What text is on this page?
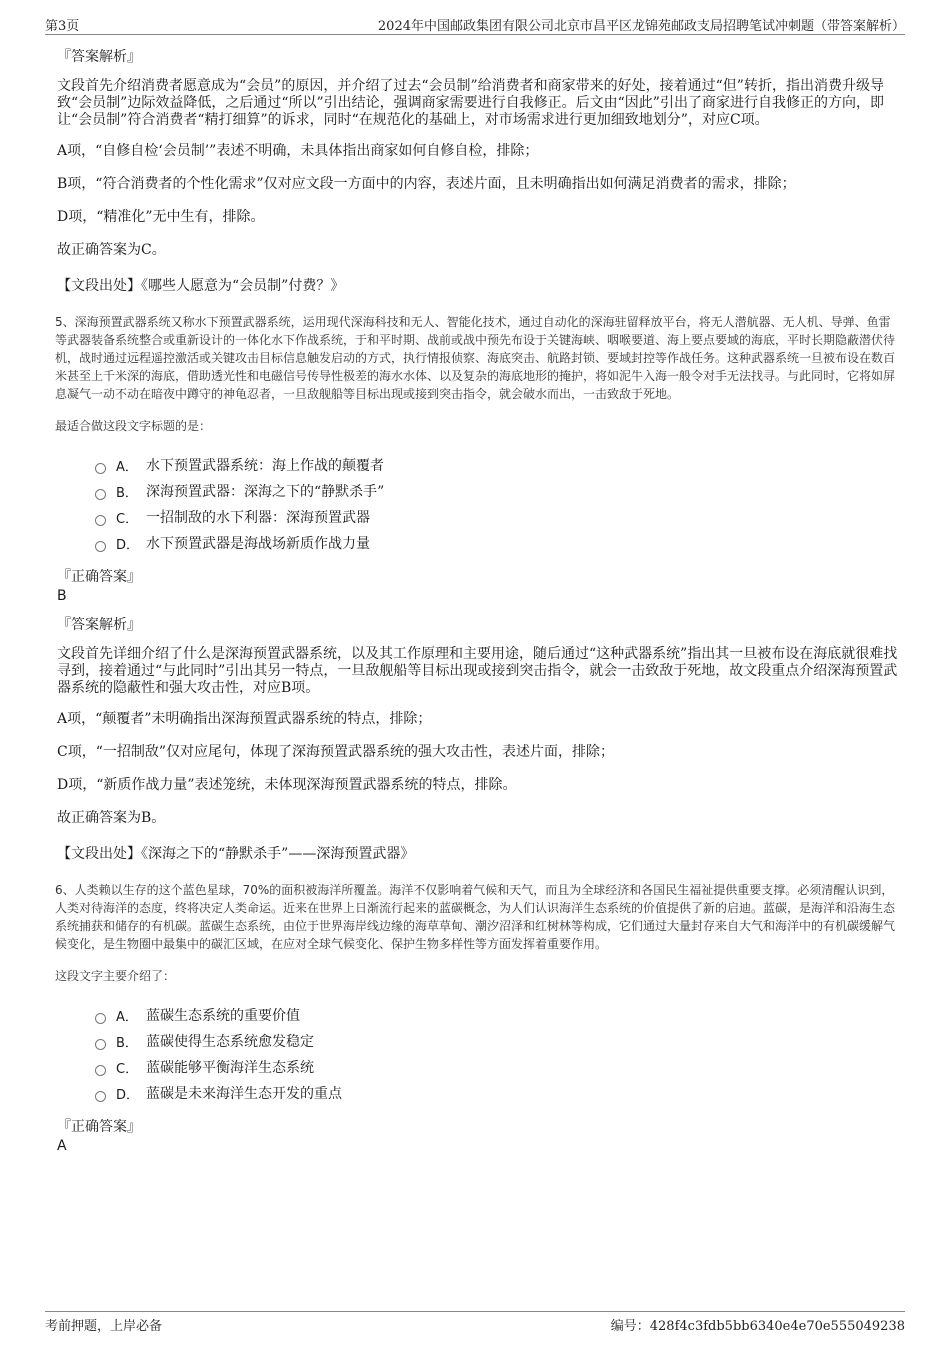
第3页	2024年中国邮政集团有限公司北京市昌平区龙锦苑邮政支局招聘笔试冲刺题（带答案解析）
『答案解析』
文段首先介绍消费者愿意成为“会员”的原因，并介绍了过去“会员制”给消费者和商家带来的好处，接着通过“但”转折，指出消费升级导致“会员制”边际效益降低，之后通过“所以”引出结论，强调商家需要进行自我修正。后文由“因此”引出了商家进行自我修正的方向，即让“会员制”符合消费者“精打细算”的诉求，同时“在规范化的基础上，对市场需求进行更加细致地划分”，对应C项。
A项，“自修自检‘会员制’”表述不明确，未具体指出商家如何自修自检，排除；
B项，“符合消费者的个性化需求”仅对应文段一方面中的内容，表述片面，且未明确指出如何满足消费者的需求，排除；
D项，“精准化”无中生有，排除。
故正确答案为C。
【文段出处】《哪些人愿意为“会员制”付费？》
5、深海预置武器系统又称水下预置武器系统，运用现代深海科技和无人、智能化技术，通过自动化的深海驻留释放平台，将无人潜航器、无人机、导弹、鱼雷等武器装备系统整合或重新设计的一体化水下作战系统，于和平时期、战前或战中预先布设于关键海峡、咽喉要道、海上要点要域的海底，平时长期隐蔽潜伏待机，战时通过远程遥控激活或关键攻击目标信息触发启动的方式，执行情报侦察、海底突击、航路封锁、要域封控等作战任务。这种武器系统一旦被布设在数百米甚至上千米深的海底，借助透光性和电磁信号传导性极差的海水水体、以及复杂的海底地形的掩护，将如泥牛入海一般令对手无法找寻。与此同时，它将如屏息凝气一动不动在暗夜中蹲守的神龟忍者，一旦敌舰船等目标出现或接到突击指令，就会破水而出，一击致敌于死地。
最适合做这段文字标题的是：
A． 水下预置武器系统：海上作战的颠覆者
B． 深海预置武器：深海之下的“静默杀手”
C． 一招制敌的水下利器：深海预置武器
D． 水下预置武器是海战场新质作战力量
『正确答案』
B
『答案解析』
文段首先详细介绍了什么是深海预置武器系统，以及其工作原理和主要用途，随后通过“这种武器系统”指出其一旦被布设在海底就很难找寻到，接着通过“与此同时”引出其另一特点，一旦敌舰船等目标出现或接到突击指令，就会一击致敌于死地，故文段重点介绍深海预置武器系统的隐蔽性和强大攻击性，对应B项。
A项，“颠覆者”未明确指出深海预置武器系统的特点，排除；
C项，“一招制敌”仅对应尾句，体现了深海预置武器系统的强大攻击性，表述片面，排除；
D项，“新质作战力量”表述笼统，未体现深海预置武器系统的特点，排除。
故正确答案为B。
【文段出处】《深海之下的“静默杀手”——深海预置武器》
6、人类赖以生存的这个蓝色星球，70%的面积被海洋所覆盖。海洋不仅影响着气候和天气，而且为全球经济和各国民生福祉提供重要支撑。必须清醒认识到，人类对待海洋的态度，终将决定人类命运。近来在世界上日渐流行起来的蓝碳概念，为人们认识海洋生态系统的价值提供了新的启迪。蓝碳，是海洋和沿海生态系统捕获和储存的有机碳。蓝碳生态系统，由位于世界海岸线边缘的海草草甸、潮汐沼泽和红树林等构成，它们通过大量封存来自大气和海洋中的有机碳缓解气候变化，是生物圈中最集中的碳汇区域，在应对全球气候变化、保护生物多样性等方面发挥着重要作用。
这段文字主要介绍了：
A． 蓝碳生态系统的重要价值
B． 蓝碳使得生态系统愈发稳定
C． 蓝碳能够平衡海洋生态系统
D． 蓝碳是未来海洋生态开发的重点
『正确答案』
A
考前押题，上岸必备	编号：428f4c3fdb5bb6340e4e70e555049238
